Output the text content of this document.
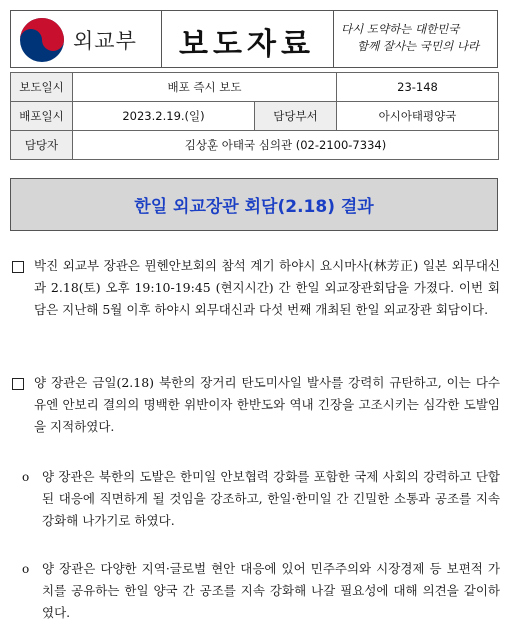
외교부	보도자료	다시 도약하는 대한민국
함께 잘사는 국민의 나라
보도일시	배포 즉시 보도		23-148
배포일시	2023.2.19.(일)	담당부서	아시아태평양국
담당자	김상훈 아태국 심의관 (02-2100-7334)		
한일 외교장관 회담(2.18) 결과
박진 외교부 장관은 뮌헨안보회의 참석 계기 하야시 요시마사(林芳正) 일본 외무대신과 2.18(토) 오후 19:10-19:45 (현지시간) 간 한일 외교장관회담을 가졌다. 이번 회담은 지난해 5월 이후 하야시 외무대신과 다섯 번째 개최된 한일 외교장관 회담이다.
양 장관은 금일(2.18) 북한의 장거리 탄도미사일 발사를 강력히 규탄하고, 이는 다수 유엔 안보리 결의의 명백한 위반이자 한반도와 역내 긴장을 고조시키는 심각한 도발임을 지적하였다.
o	양 장관은 북한의 도발은 한미일 안보협력 강화를 포함한 국제 사회의 강력하고 단합된 대응에 직면하게 될 것임을 강조하고, 한일·한미일 간 긴밀한 소통과 공조를 지속 강화해 나가기로 하였다.
o	양 장관은 다양한 지역·글로벌 현안 대응에 있어 민주주의와 시장경제 등 보편적 가치를 공유하는 한일 양국 간 공조를 지속 강화해 나갈 필요성에 대해 의견을 같이하였다.
